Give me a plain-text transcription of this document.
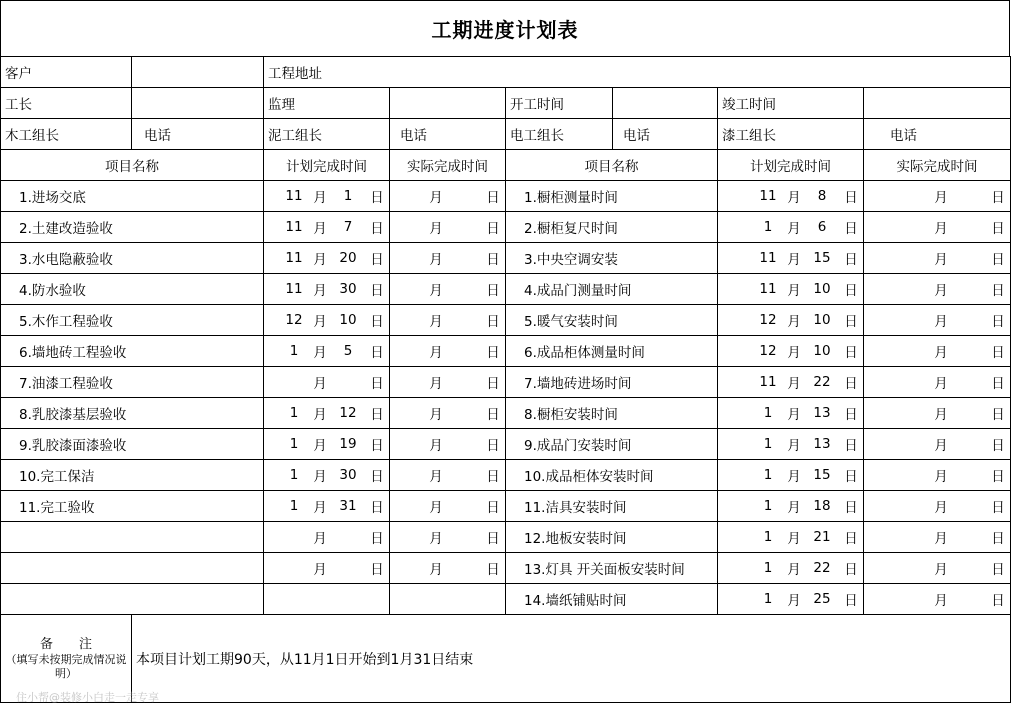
工期进度计划表
客户		工程地址					
工长		监理		开工时间		竣工时间	
木工组长	电话	泥工组长	电话	电工组长	电话	漆工组长	电话
项目名称		计划完成时间	实际完成时间	项目名称		计划完成时间	实际完成时间
1.进场交底		11 月 1 日	月 日	1.橱柜测量时间		11 月 8 日	月 日

2.土建改造验收		11 月 7 日	月 日	2.橱柜复尺时间		1 月 6 日	月 日

3.水电隐蔽验收		11 月 20 日	月 日	3.中央空调安装		11 月 15 日	月 日

4.防水验收		11 月 30 日	月 日	4.成品门测量时间		11 月 10 日	月 日

5.木作工程验收		12 月 10 日	月 日	5.暖气安装时间		12 月 10 日	月 日

6.墙地砖工程验收		1 月 5 日	月 日	6.成品柜体测量时间		12 月 10 日	月 日

7.油漆工程验收		月 日	月 日	7.墙地砖进场时间		11 月 22 日	月 日

8.乳胶漆基层验收		1 月 12 日	月 日	8.橱柜安装时间		1 月 13 日	月 日

9.乳胶漆面漆验收		1 月 19 日	月 日	9.成品门安装时间		1 月 13 日	月 日

10.完工保洁		1 月 30 日	月 日	10.成品柜体安装时间		1 月 15 日	月 日

11.完工验收		1 月 31 日	月 日	11.洁具安装时间		1 月 18 日	月 日

		月 日	月 日	12.地板安装时间		1 月 21 日	月 日

		月 日	月 日	13.灯具 开关面板安装时间		1 月 22 日	月 日

				14.墙纸铺贴时间		1 月 25 日	月 日

备　　注
（填写未按期完成情况说明）	本项目计划工期90天，从11月1日开始到1月31日结束						
住小帮@装修小白走一走专享
